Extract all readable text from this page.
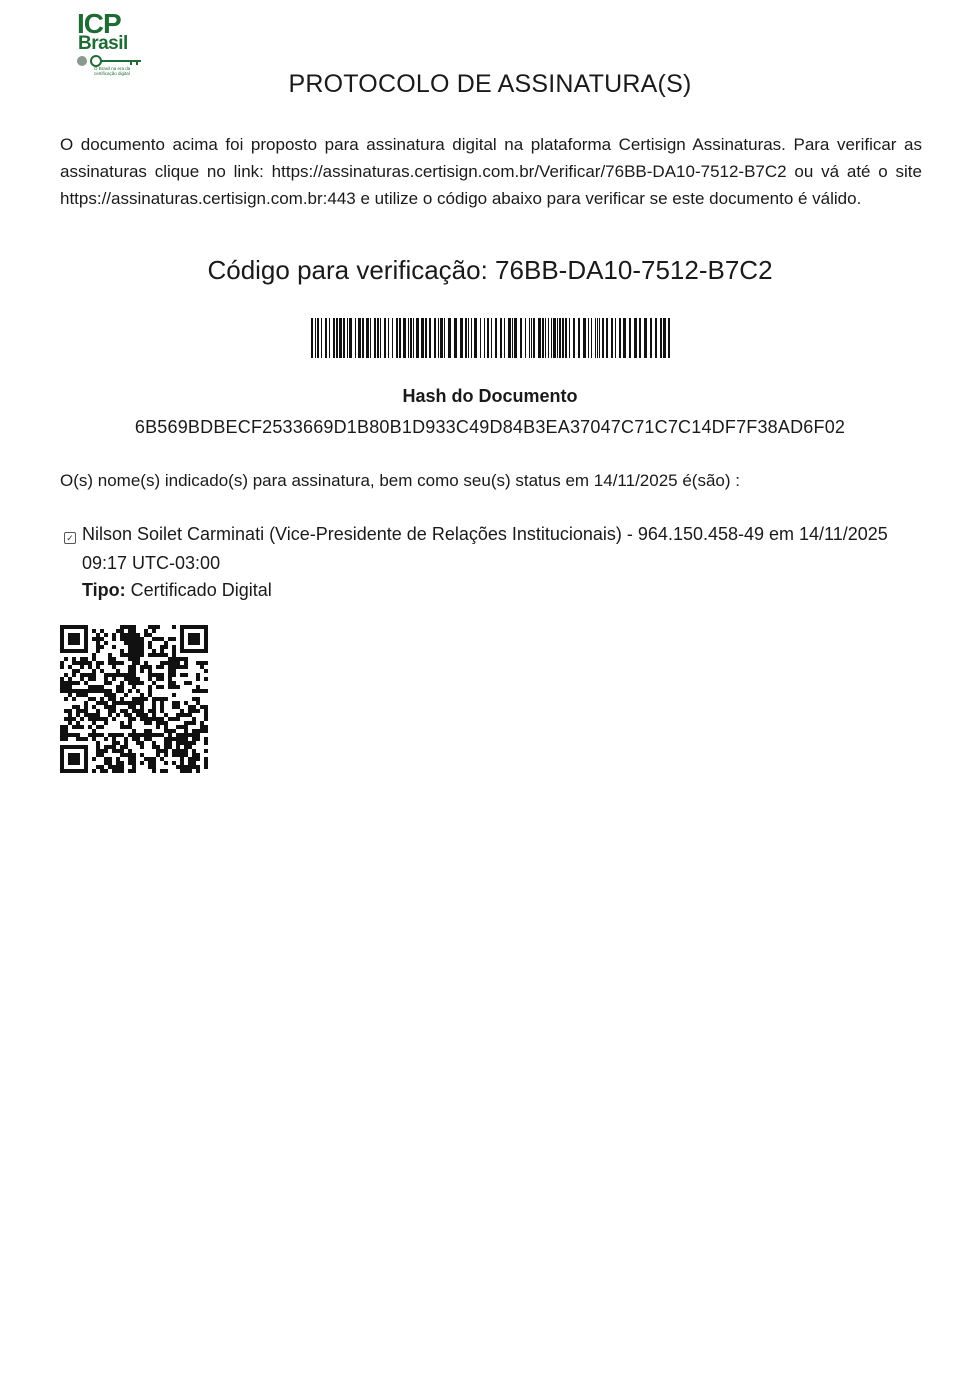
ICP
Brasil
O Brasil na era da certificação digital	PROTOCOLO DE ASSINATURA(S)
O documento acima foi proposto para assinatura digital na plataforma Certisign Assinaturas. Para verificar as assinaturas clique no link: https://assinaturas.certisign.com.br/Verificar/76BB-DA10-7512-B7C2 ou vá até o site https://assinaturas.certisign.com.br:443 e utilize o código abaixo para verificar se este documento é válido.
Código para verificação: 76BB-DA10-7512-B7C2
Hash do Documento
6B569BDBECF2533669D1B80B1D933C49D84B3EA37047C71C7C14DF7F38AD6F02
O(s) nome(s) indicado(s) para assinatura, bem como seu(s) status em 14/11/2025 é(são) :
✓ Nilson Soilet Carminati (Vice-Presidente de Relações Institucionais) - 964.150.458-49 em 14/11/2025 09:17 UTC-03:00
Tipo: Certificado Digital
